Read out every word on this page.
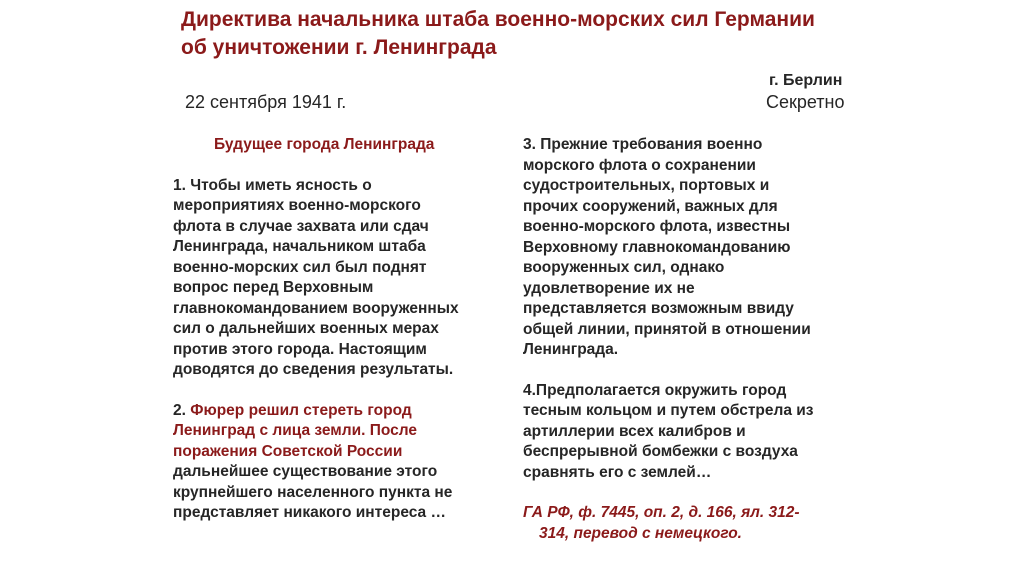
Директива начальника штаба военно-морских сил Германии
об уничтожении г. Ленинграда

г. Берлин

22 сентября 1941 г.	Секретно

Будущее города Ленинграда

1. Чтобы иметь ясность о
мероприятиях военно-морского
флота в случае захвата или сдач
Ленинграда, начальником штаба
военно-морских сил был поднят
вопрос перед Верховным
главнокомандованием вооруженных
сил о дальнейших военных мерах
против этого города. Настоящим
доводятся до сведения результаты.

2. Фюрер решил стереть город
Ленинград с лица земли. После
поражения Советской России
дальнейшее существование этого
крупнейшего населенного пункта не
представляет никакого интереса …

3. Прежние требования военно
морского флота о сохранении
судостроительных, портовых и
прочих сооружений, важных для
военно-морского флота, известны
Верховному главнокомандованию
вооруженных сил, однако
удовлетворение их не
представляется возможным ввиду
общей линии, принятой в отношении
Ленинграда.

4.Предполагается окружить город
тесным кольцом и путем обстрела из
артиллерии всех калибров и
беспрерывной бомбежки с воздуха
сравнять его с землей…

ГА РФ, ф. 7445, оп. 2, д. 166, ял. 312-
314, перевод с немецкого.
